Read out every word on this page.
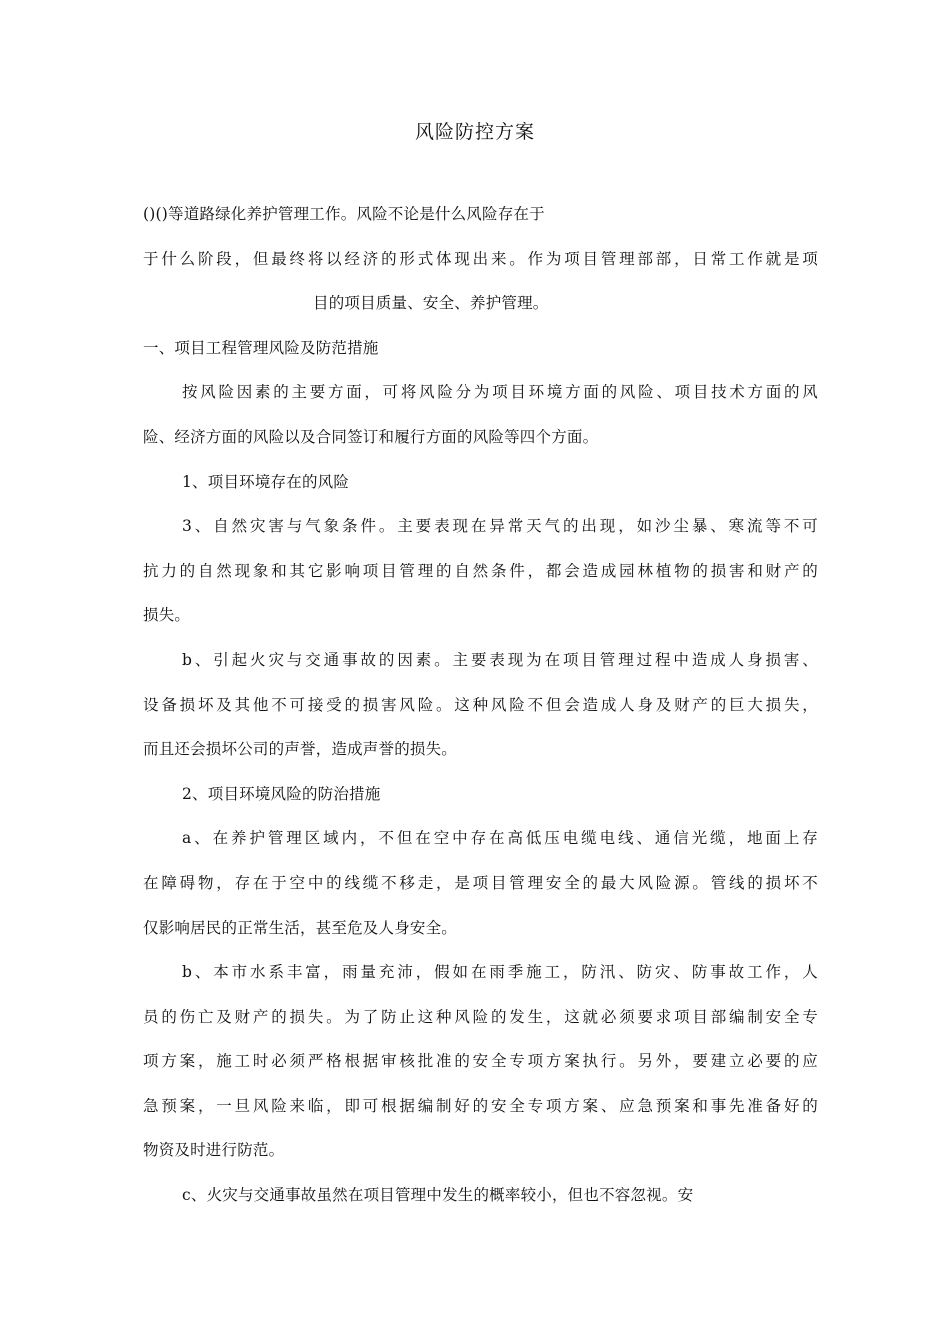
风险防控方案
()()等道路绿化养护管理工作。风险不论是什么风险存在于
于什么阶段，但最终将以经济的形式体现出来。作为项目管理部部，日常工作就是项
目的项目质量、安全、养护管理。
一、项目工程管理风险及防范措施
按风险因素的主要方面，可将风险分为项目环境方面的风险、项目技术方面的风
险、经济方面的风险以及合同签订和履行方面的风险等四个方面。
1、项目环境存在的风险
3、自然灾害与气象条件。主要表现在异常天气的出现，如沙尘暴、寒流等不可
抗力的自然现象和其它影响项目管理的自然条件，都会造成园林植物的损害和财产的
损失。
b、引起火灾与交通事故的因素。主要表现为在项目管理过程中造成人身损害、
设备损坏及其他不可接受的损害风险。这种风险不但会造成人身及财产的巨大损失，
而且还会损坏公司的声誉，造成声誉的损失。
2、项目环境风险的防治措施
a、在养护管理区域内，不但在空中存在高低压电缆电线、通信光缆，地面上存
在障碍物，存在于空中的线缆不移走，是项目管理安全的最大风险源。管线的损坏不
仅影响居民的正常生活，甚至危及人身安全。
b、本市水系丰富，雨量充沛，假如在雨季施工，防汛、防灾、防事故工作，人
员的伤亡及财产的损失。为了防止这种风险的发生，这就必须要求项目部编制安全专
项方案，施工时必须严格根据审核批准的安全专项方案执行。另外，要建立必要的应
急预案，一旦风险来临，即可根据编制好的安全专项方案、应急预案和事先准备好的
物资及时进行防范。
c、火灾与交通事故虽然在项目管理中发生的概率较小，但也不容忽视。安
